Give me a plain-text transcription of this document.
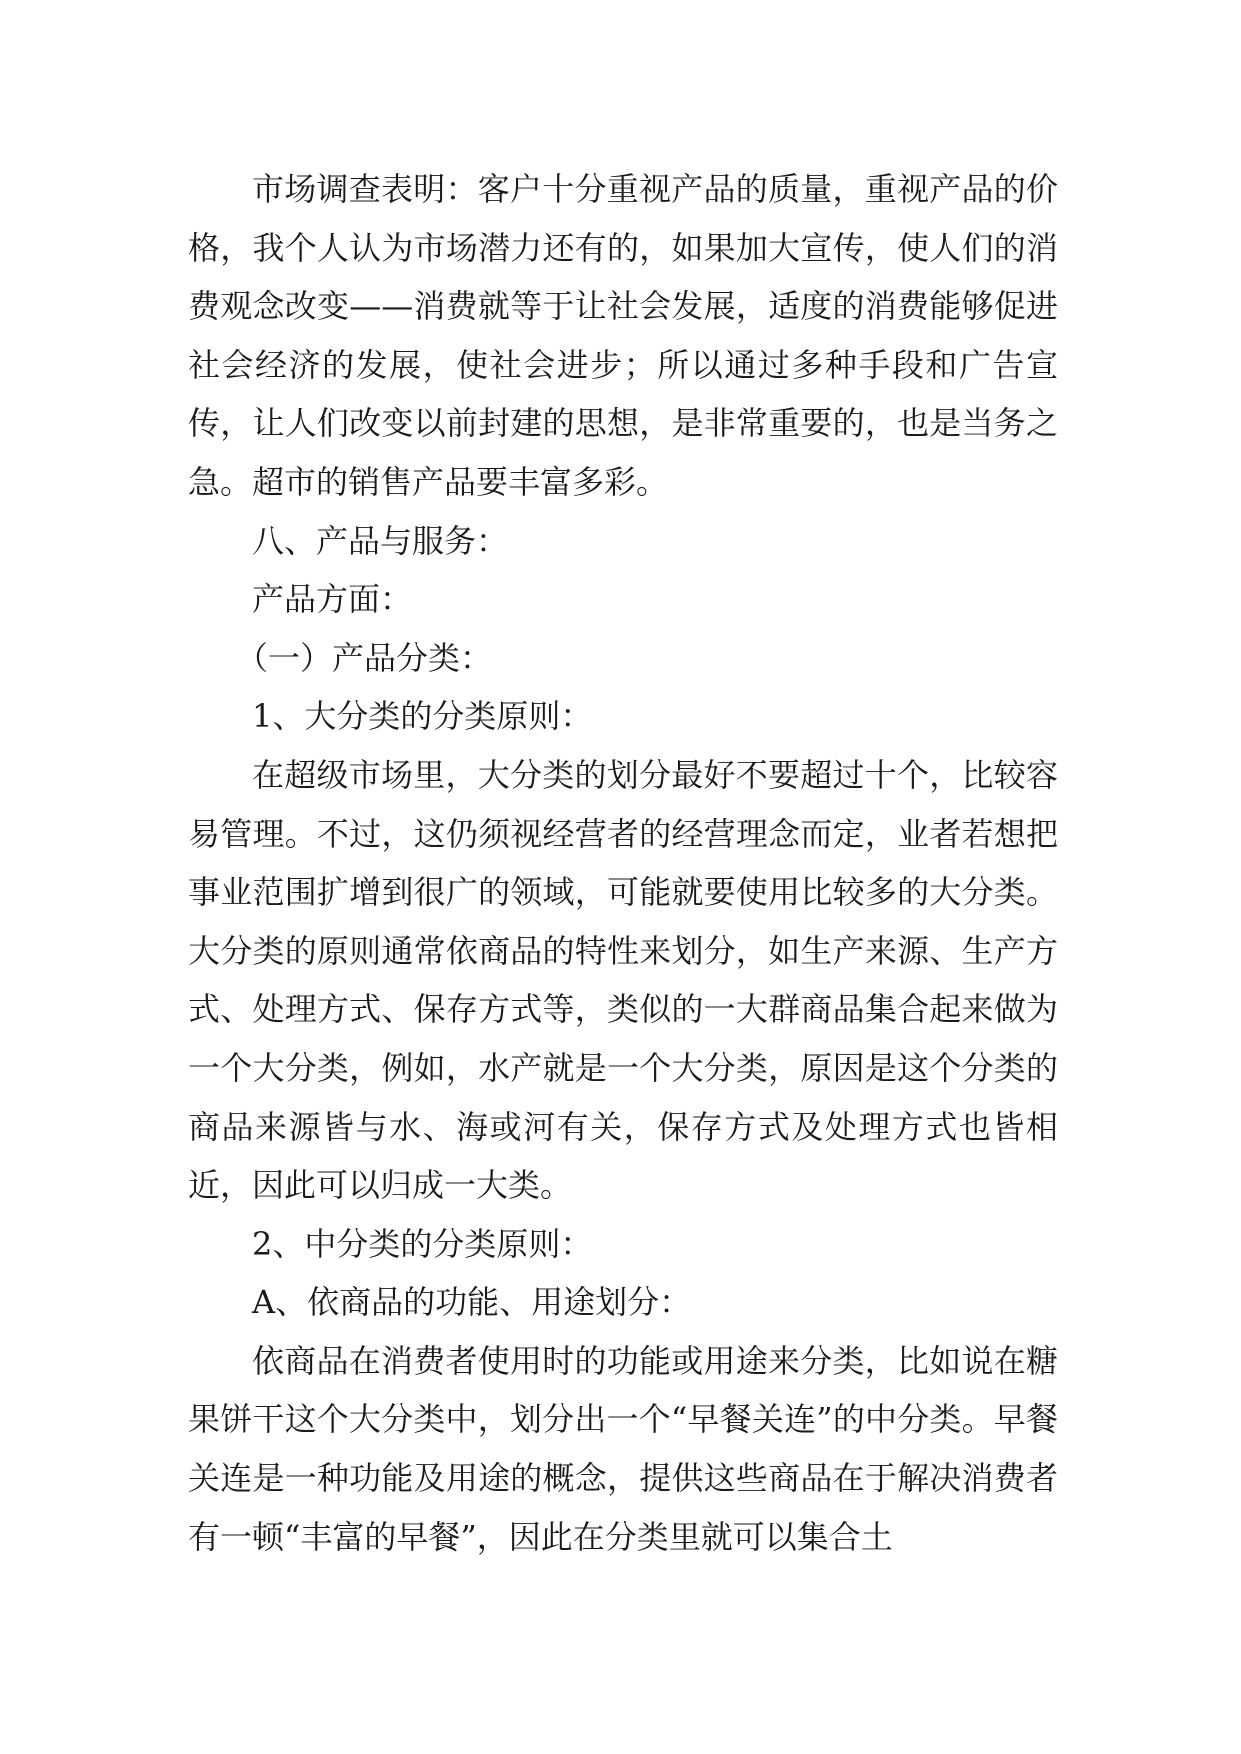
市场调查表明：客户十分重视产品的质量，重视产品的价格，我个人认为市场潜力还有的，如果加大宣传，使人们的消费观念改变——消费就等于让社会发展，适度的消费能够促进社会经济的发展，使社会进步；所以通过多种手段和广告宣传，让人们改变以前封建的思想，是非常重要的，也是当务之急。超市的销售产品要丰富多彩。

八、产品与服务：

产品方面：

（一）产品分类：

1、大分类的分类原则：

在超级市场里，大分类的划分最好不要超过十个，比较容易管理。不过，这仍须视经营者的经营理念而定，业者若想把事业范围扩增到很广的领域，可能就要使用比较多的大分类。大分类的原则通常依商品的特性来划分，如生产来源、生产方式、处理方式、保存方式等，类似的一大群商品集合起来做为一个大分类，例如，水产就是一个大分类，原因是这个分类的商品来源皆与水、海或河有关，保存方式及处理方式也皆相近，因此可以归成一大类。

2、中分类的分类原则：

A、依商品的功能、用途划分：

依商品在消费者使用时的功能或用途来分类，比如说在糖果饼干这个大分类中，划分出一个“早餐关连”的中分类。早餐关连是一种功能及用途的概念，提供这些商品在于解决消费者有一顿“丰富的早餐”，因此在分类里就可以集合土
